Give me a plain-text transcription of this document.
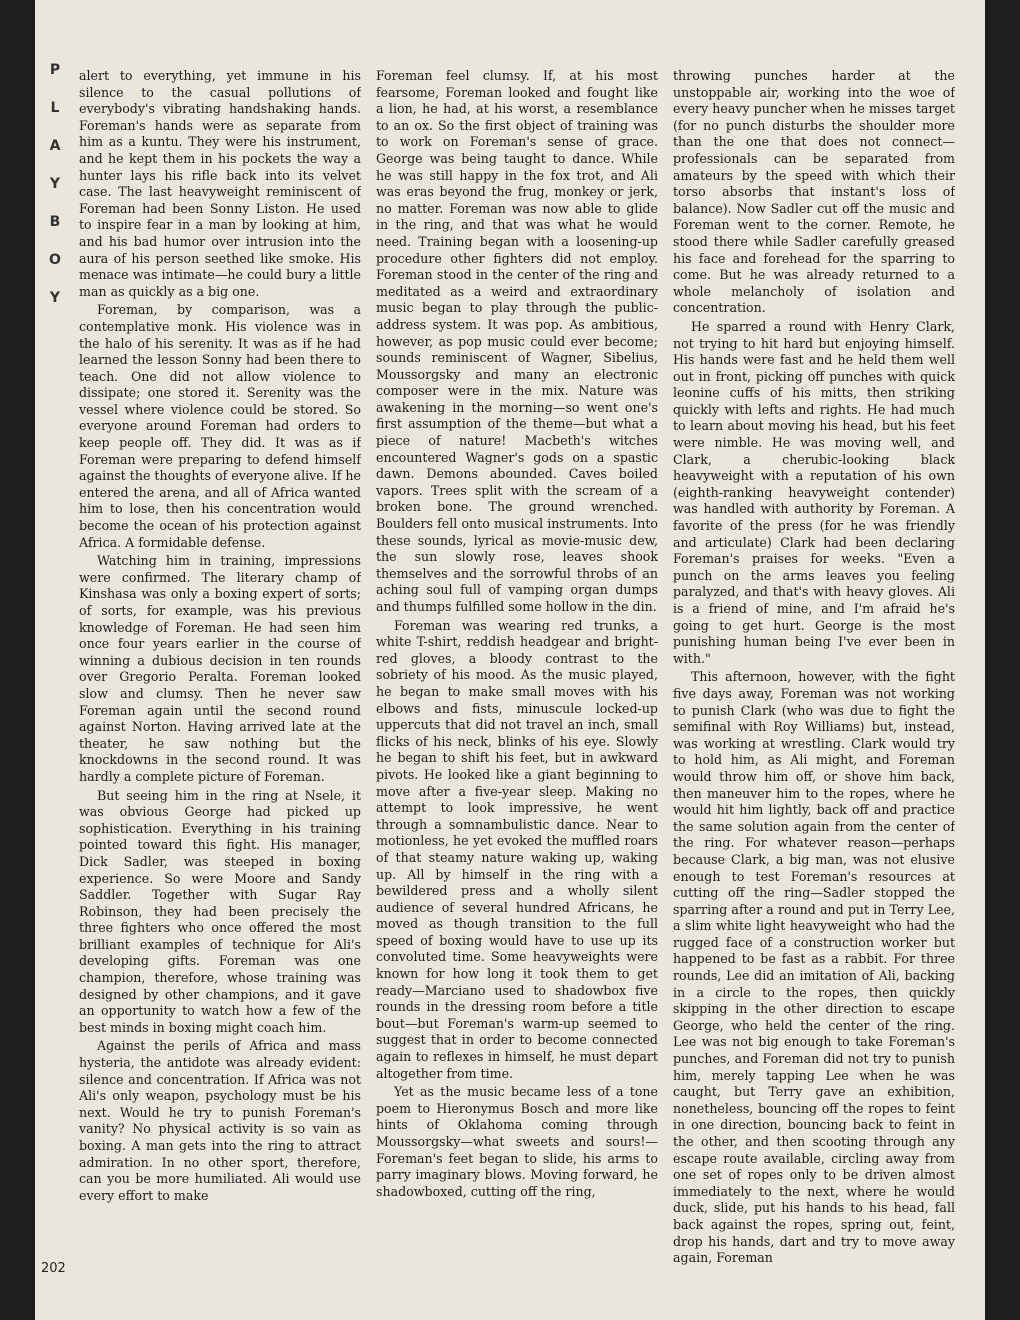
P
L
A
Y
B
O
Y

alert to everything, yet immune in his silence to the casual pollutions of everybody's vibrating handshaking hands. Foreman's hands were as separate from him as a kuntu. They were his instrument, and he kept them in his pockets the way a hunter lays his rifle back into its velvet case. The last heavyweight reminiscent of Foreman had been Sonny Liston. He used to inspire fear in a man by looking at him, and his bad humor over intrusion into the aura of his person seethed like smoke. His menace was intimate—he could bury a little man as quickly as a big one.

Foreman, by comparison, was a contemplative monk. His violence was in the halo of his serenity. It was as if he had learned the lesson Sonny had been there to teach. One did not allow violence to dissipate; one stored it. Serenity was the vessel where violence could be stored. So everyone around Foreman had orders to keep people off. They did. It was as if Foreman were preparing to defend himself against the thoughts of everyone alive. If he entered the arena, and all of Africa wanted him to lose, then his concentration would become the ocean of his protection against Africa. A formidable defense.

Watching him in training, impressions were confirmed. The literary champ of Kinshasa was only a boxing expert of sorts; of sorts, for example, was his previous knowledge of Foreman. He had seen him once four years earlier in the course of winning a dubious decision in ten rounds over Gregorio Peralta. Foreman looked slow and clumsy. Then he never saw Foreman again until the second round against Norton. Having arrived late at the theater, he saw nothing but the knockdowns in the second round. It was hardly a complete picture of Foreman.

But seeing him in the ring at Nsele, it was obvious George had picked up sophistication. Everything in his training pointed toward this fight. His manager, Dick Sadler, was steeped in boxing experience. So were Moore and Sandy Saddler. Together with Sugar Ray Robinson, they had been precisely the three fighters who once offered the most brilliant examples of technique for Ali's developing gifts. Foreman was one champion, therefore, whose training was designed by other champions, and it gave an opportunity to watch how a few of the best minds in boxing might coach him.

Against the perils of Africa and mass hysteria, the antidote was already evident: silence and concentration. If Africa was not Ali's only weapon, psychology must be his next. Would he try to punish Foreman's vanity? No physical activity is so vain as boxing. A man gets into the ring to attract admiration. In no other sport, therefore, can you be more humiliated. Ali would use every effort to make

Foreman feel clumsy. If, at his most fearsome, Foreman looked and fought like a lion, he had, at his worst, a resemblance to an ox. So the first object of training was to work on Foreman's sense of grace. George was being taught to dance. While he was still happy in the fox trot, and Ali was eras beyond the frug, monkey or jerk, no matter. Foreman was now able to glide in the ring, and that was what he would need. Training began with a loosening-up procedure other fighters did not employ. Foreman stood in the center of the ring and meditated as a weird and extraordinary music began to play through the public-address system. It was pop. As ambitious, however, as pop music could ever become; sounds reminiscent of Wagner, Sibelius, Moussorgsky and many an electronic composer were in the mix. Nature was awakening in the morning—so went one's first assumption of the theme—but what a piece of nature! Macbeth's witches encountered Wagner's gods on a spastic dawn. Demons abounded. Caves boiled vapors. Trees split with the scream of a broken bone. The ground wrenched. Boulders fell onto musical instruments. Into these sounds, lyrical as movie-music dew, the sun slowly rose, leaves shook themselves and the sorrowful throbs of an aching soul full of vamping organ dumps and thumps fulfilled some hollow in the din.

Foreman was wearing red trunks, a white T-shirt, reddish headgear and bright-red gloves, a bloody contrast to the sobriety of his mood. As the music played, he began to make small moves with his elbows and fists, minuscule locked-up uppercuts that did not travel an inch, small flicks of his neck, blinks of his eye. Slowly he began to shift his feet, but in awkward pivots. He looked like a giant beginning to move after a five-year sleep. Making no attempt to look impressive, he went through a somnambulistic dance. Near to motionless, he yet evoked the muffled roars of that steamy nature waking up, waking up. All by himself in the ring with a bewildered press and a wholly silent audience of several hundred Africans, he moved as though transition to the full speed of boxing would have to use up its convoluted time. Some heavyweights were known for how long it took them to get ready—Marciano used to shadowbox five rounds in the dressing room before a title bout—but Foreman's warm-up seemed to suggest that in order to become connected again to reflexes in himself, he must depart altogether from time.

Yet as the music became less of a tone poem to Hieronymus Bosch and more like hints of Oklahoma coming through Moussorgsky—what sweets and sours!—Foreman's feet began to slide, his arms to parry imaginary blows. Moving forward, he shadowboxed, cutting off the ring,

throwing punches harder at the unstoppable air, working into the woe of every heavy puncher when he misses target (for no punch disturbs the shoulder more than the one that does not connect—professionals can be separated from amateurs by the speed with which their torso absorbs that instant's loss of balance). Now Sadler cut off the music and Foreman went to the corner. Remote, he stood there while Sadler carefully greased his face and forehead for the sparring to come. But he was already returned to a whole melancholy of isolation and concentration.

He sparred a round with Henry Clark, not trying to hit hard but enjoying himself. His hands were fast and he held them well out in front, picking off punches with quick leonine cuffs of his mitts, then striking quickly with lefts and rights. He had much to learn about moving his head, but his feet were nimble. He was moving well, and Clark, a cherubic-looking black heavyweight with a reputation of his own (eighth-ranking heavyweight contender) was handled with authority by Foreman. A favorite of the press (for he was friendly and articulate) Clark had been declaring Foreman's praises for weeks. "Even a punch on the arms leaves you feeling paralyzed, and that's with heavy gloves. Ali is a friend of mine, and I'm afraid he's going to get hurt. George is the most punishing human being I've ever been in with."

This afternoon, however, with the fight five days away, Foreman was not working to punish Clark (who was due to fight the semifinal with Roy Williams) but, instead, was working at wrestling. Clark would try to hold him, as Ali might, and Foreman would throw him off, or shove him back, then maneuver him to the ropes, where he would hit him lightly, back off and practice the same solution again from the center of the ring. For whatever reason—perhaps because Clark, a big man, was not elusive enough to test Foreman's resources at cutting off the ring—Sadler stopped the sparring after a round and put in Terry Lee, a slim white light heavyweight who had the rugged face of a construction worker but happened to be fast as a rabbit. For three rounds, Lee did an imitation of Ali, backing in a circle to the ropes, then quickly skipping in the other direction to escape George, who held the center of the ring. Lee was not big enough to take Foreman's punches, and Foreman did not try to punish him, merely tapping Lee when he was caught, but Terry gave an exhibition, nonetheless, bouncing off the ropes to feint in one direction, bouncing back to feint in the other, and then scooting through any escape route available, circling away from one set of ropes only to be driven almost immediately to the next, where he would duck, slide, put his hands to his head, fall back against the ropes, spring out, feint, drop his hands, dart and try to move away again, Foreman

202
